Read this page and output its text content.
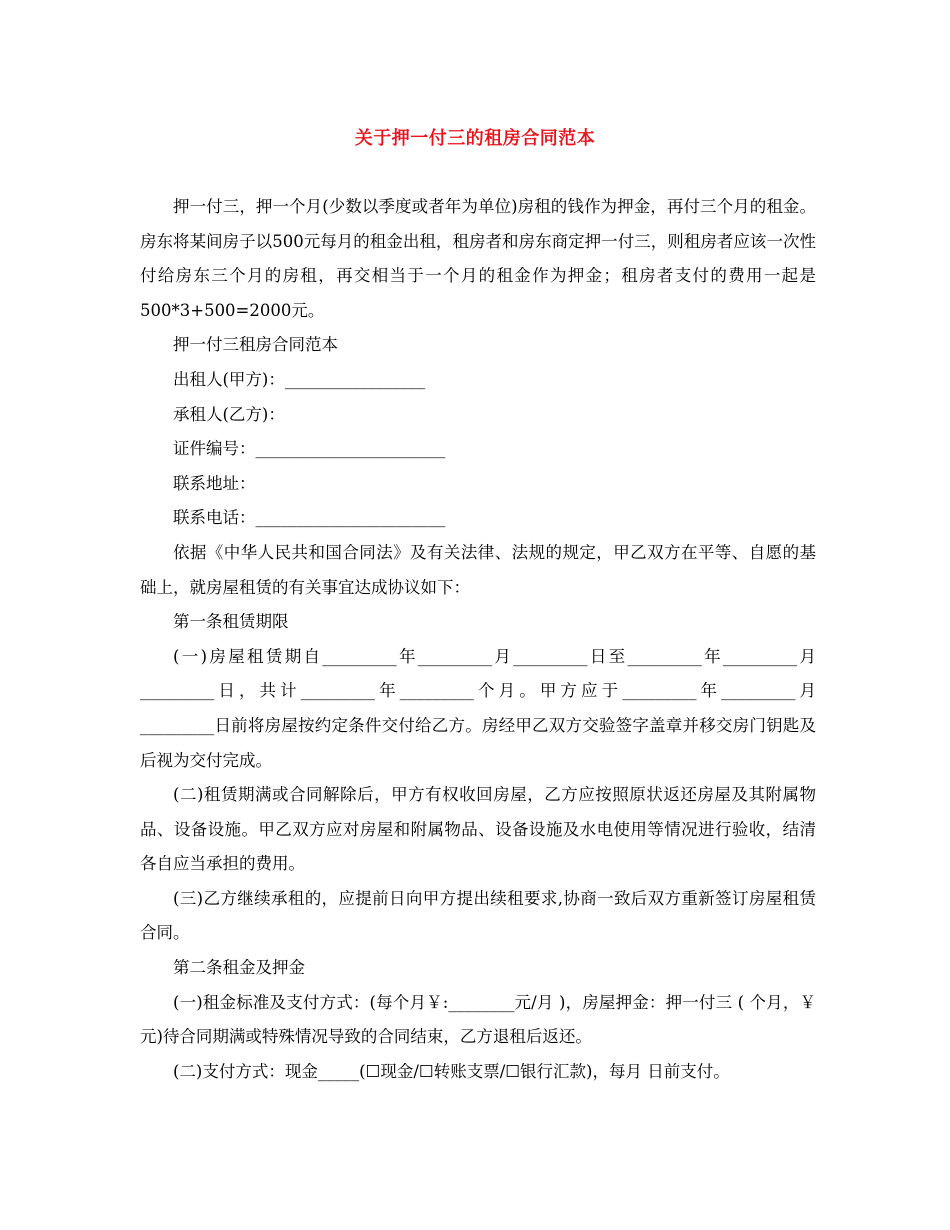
关于押一付三的租房合同范本

押一付三，押一个月(少数以季度或者年为单位)房租的钱作为押金，再付三个月的租金。房东将某间房子以500元每月的租金出租，租房者和房东商定押一付三，则租房者应该一次性付给房东三个月的房租，再交相当于一个月的租金作为押金；租房者支付的费用一起是500*3+500=2000元。

押一付三租房合同范本

出租人(甲方)：_________________

承租人(乙方)：

证件编号：_______________________

联系地址：

联系电话：_______________________

依据《中华人民共和国合同法》及有关法律、法规的规定，甲乙双方在平等、自愿的基础上，就房屋租赁的有关事宜达成协议如下：

第一条租赁期限

(一)房屋租赁期自_________年_________月_________日至_________年_________月_________日，共计_________年_________个月。甲方应于_________年_________月_________日前将房屋按约定条件交付给乙方。房经甲乙双方交验签字盖章并移交房门钥匙及后视为交付完成。

(二)租赁期满或合同解除后，甲方有权收回房屋，乙方应按照原状返还房屋及其附属物品、设备设施。甲乙双方应对房屋和附属物品、设备设施及水电使用等情况进行验收，结清各自应当承担的费用。

(三)乙方继续承租的，应提前日向甲方提出续租要求,协商一致后双方重新签订房屋租赁合同。

第二条租金及押金

(一)租金标准及支付方式：(每个月￥:________元/月 )，房屋押金：押一付三 ( 个月，￥ 元)待合同期满或特殊情况导致的合同结束，乙方退租后返还。

(二)支付方式：现金_____(☐现金/☐转账支票/☐银行汇款)，每月 日前支付。
